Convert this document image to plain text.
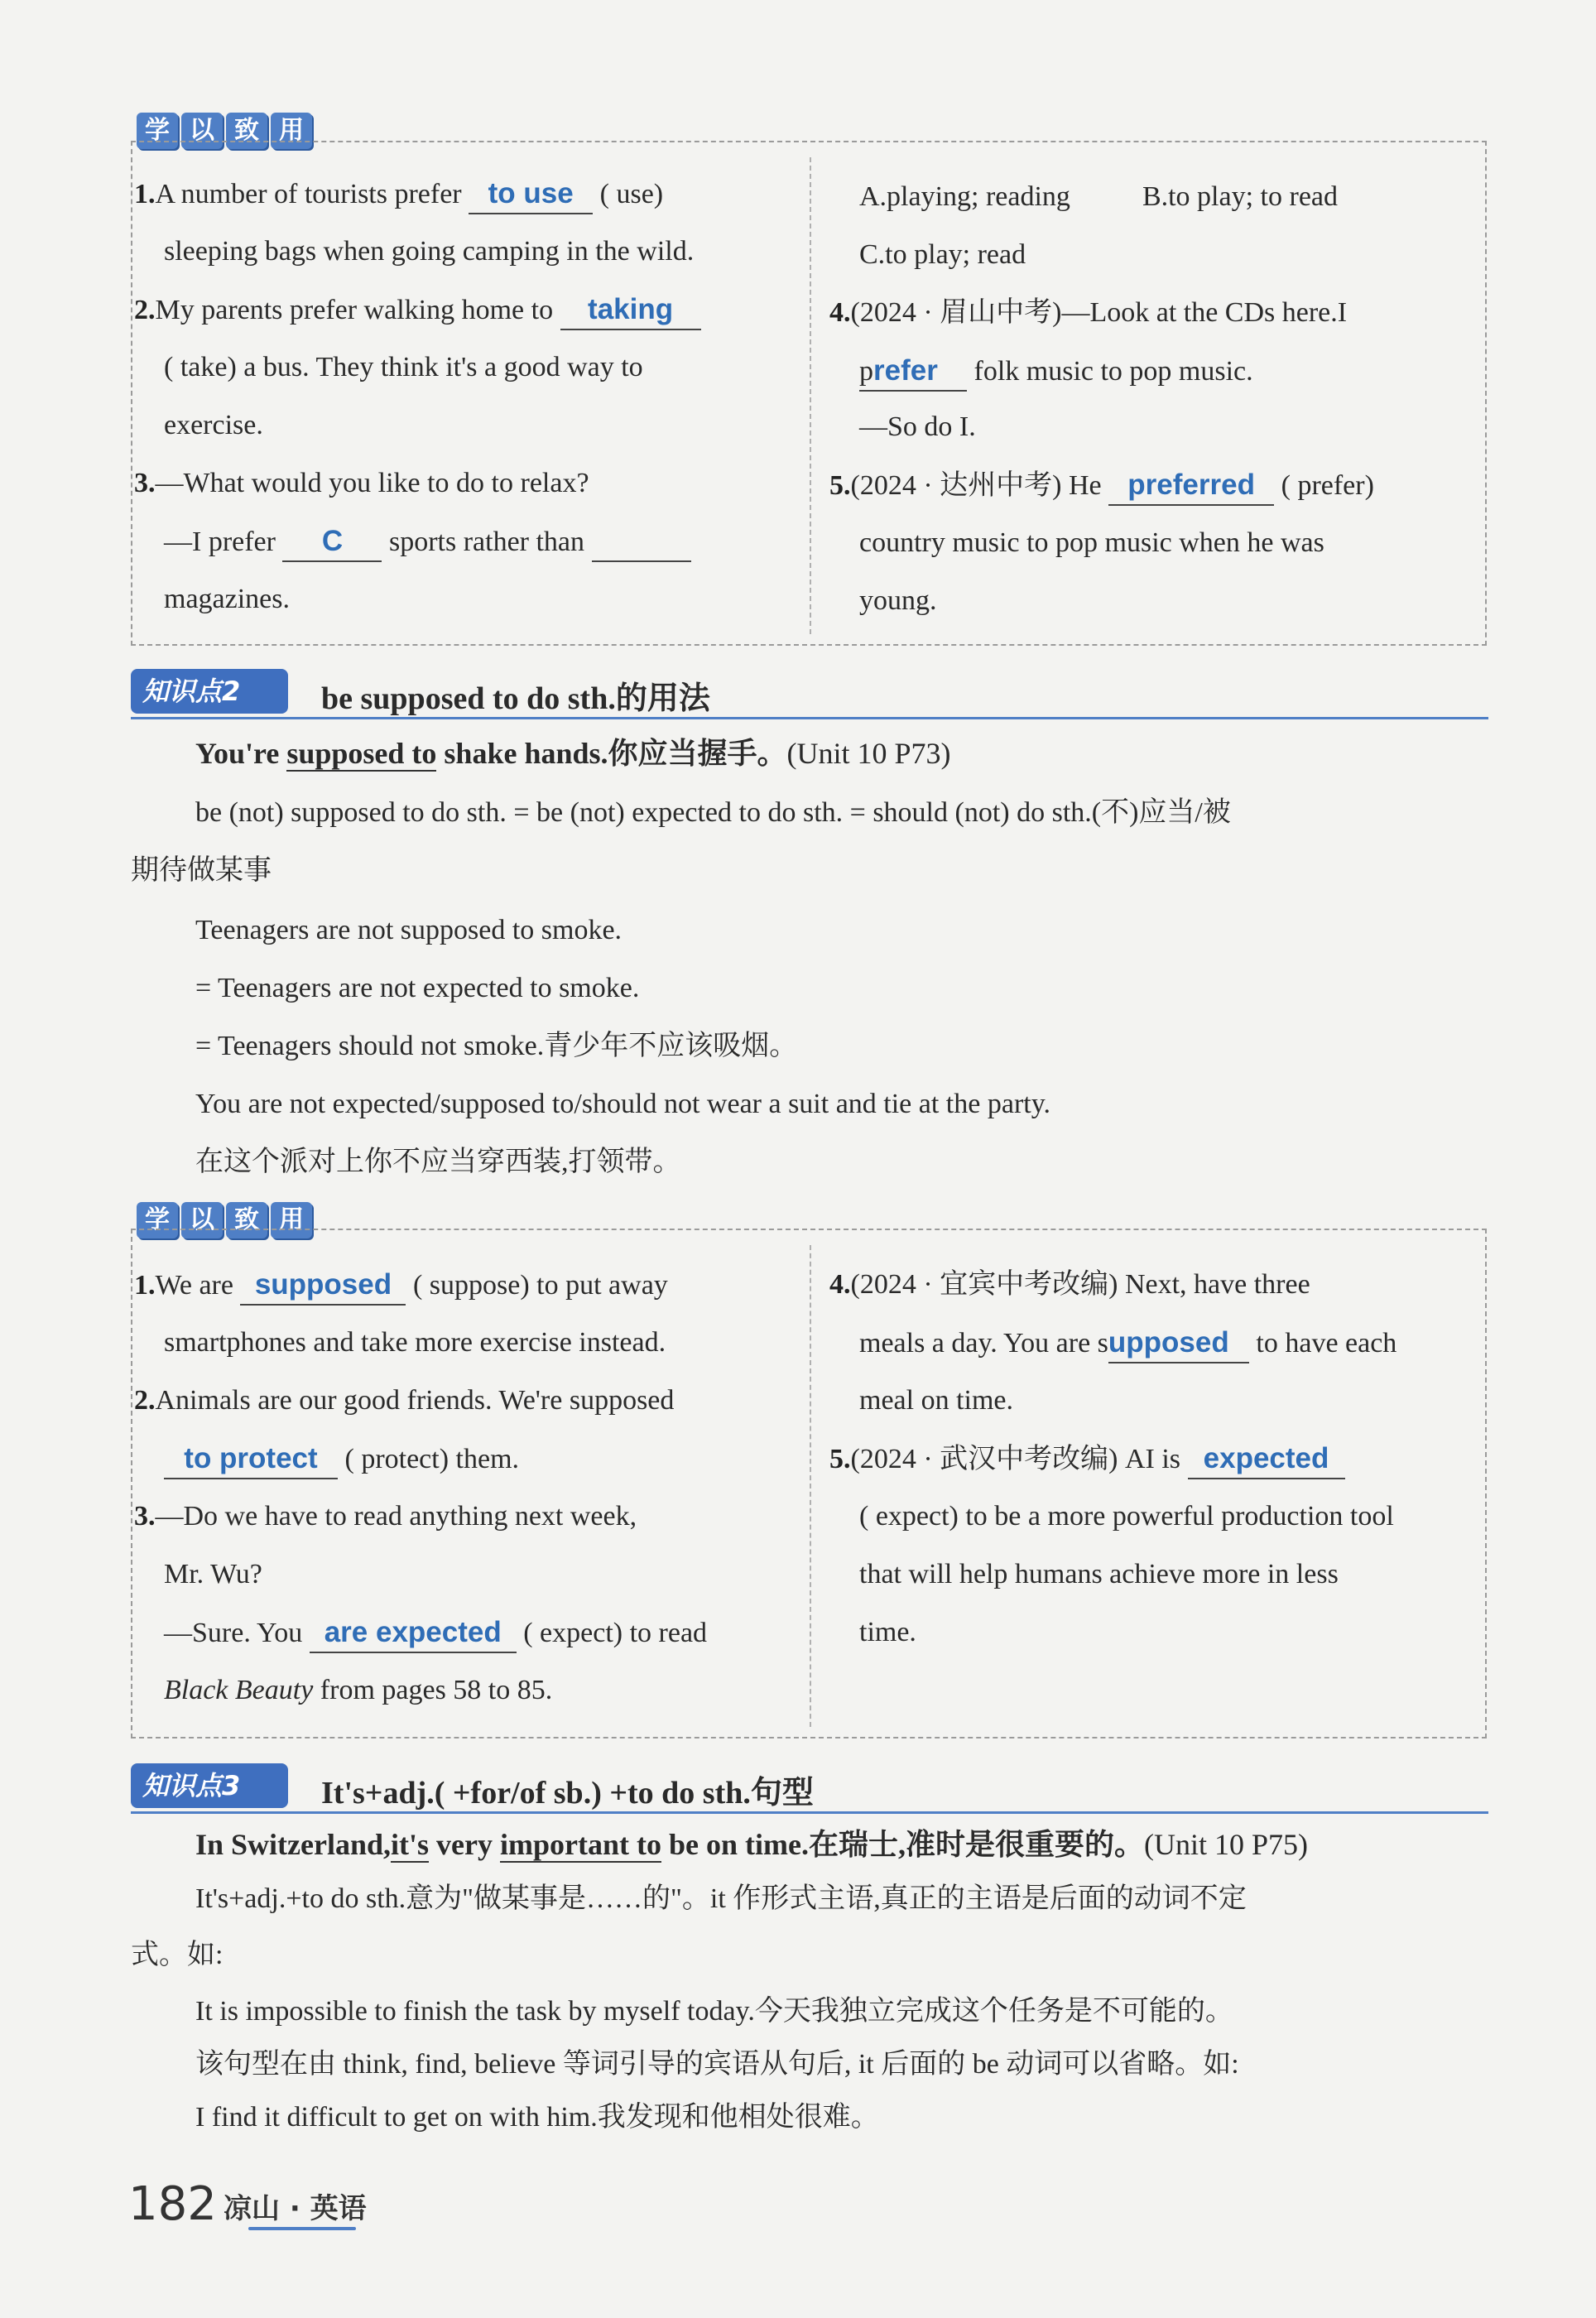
学 以 致 用
1.A number of tourists prefer to use ( use)
sleeping bags when going camping in the wild.
2.My parents prefer walking home to taking
( take) a bus. They think it's a good way to
exercise.
3.—What would you like to do to relax?
—I prefer C sports rather than
magazines.
A.playing; reading	B.to play; to read
C.to play; read
4.(2024 · 眉山中考)—Look at the CDs here.I
prefer folk music to pop music.
—So do I.
5.(2024 · 达州中考) He preferred ( prefer)
country music to pop music when he was
young.
知识点2	be supposed to do sth.的用法
You're supposed to shake hands.你应当握手。(Unit 10 P73)
be (not) supposed to do sth. = be (not) expected to do sth. = should (not) do sth.(不)应当/被
期待做某事
Teenagers are not supposed to smoke.
= Teenagers are not expected to smoke.
= Teenagers should not smoke.青少年不应该吸烟。
You are not expected/supposed to/should not wear a suit and tie at the party.
在这个派对上你不应当穿西装,打领带。
学 以 致 用
1.We are supposed ( suppose) to put away
smartphones and take more exercise instead.
2.Animals are our good friends. We're supposed
to protect ( protect) them.
3.—Do we have to read anything next week,
Mr. Wu?
—Sure. You are expected ( expect) to read
Black Beauty from pages 58 to 85.
4.(2024 · 宜宾中考改编) Next, have three
meals a day. You are supposed to have each
meal on time.
5.(2024 · 武汉中考改编) AI is expected
( expect) to be a more powerful production tool
that will help humans achieve more in less
time.
知识点3	It's+adj.( +for/of sb.) +to do sth.句型
In Switzerland,it's very important to be on time.在瑞士,准时是很重要的。(Unit 10 P75)
It's+adj.+to do sth.意为"做某事是……的"。it 作形式主语,真正的主语是后面的动词不定
式。如:
It is impossible to finish the task by myself today.今天我独立完成这个任务是不可能的。
该句型在由 think, find, believe 等词引导的宾语从句后, it 后面的 be 动词可以省略。如:
I find it difficult to get on with him.我发现和他相处很难。
182 凉山 · 英语
